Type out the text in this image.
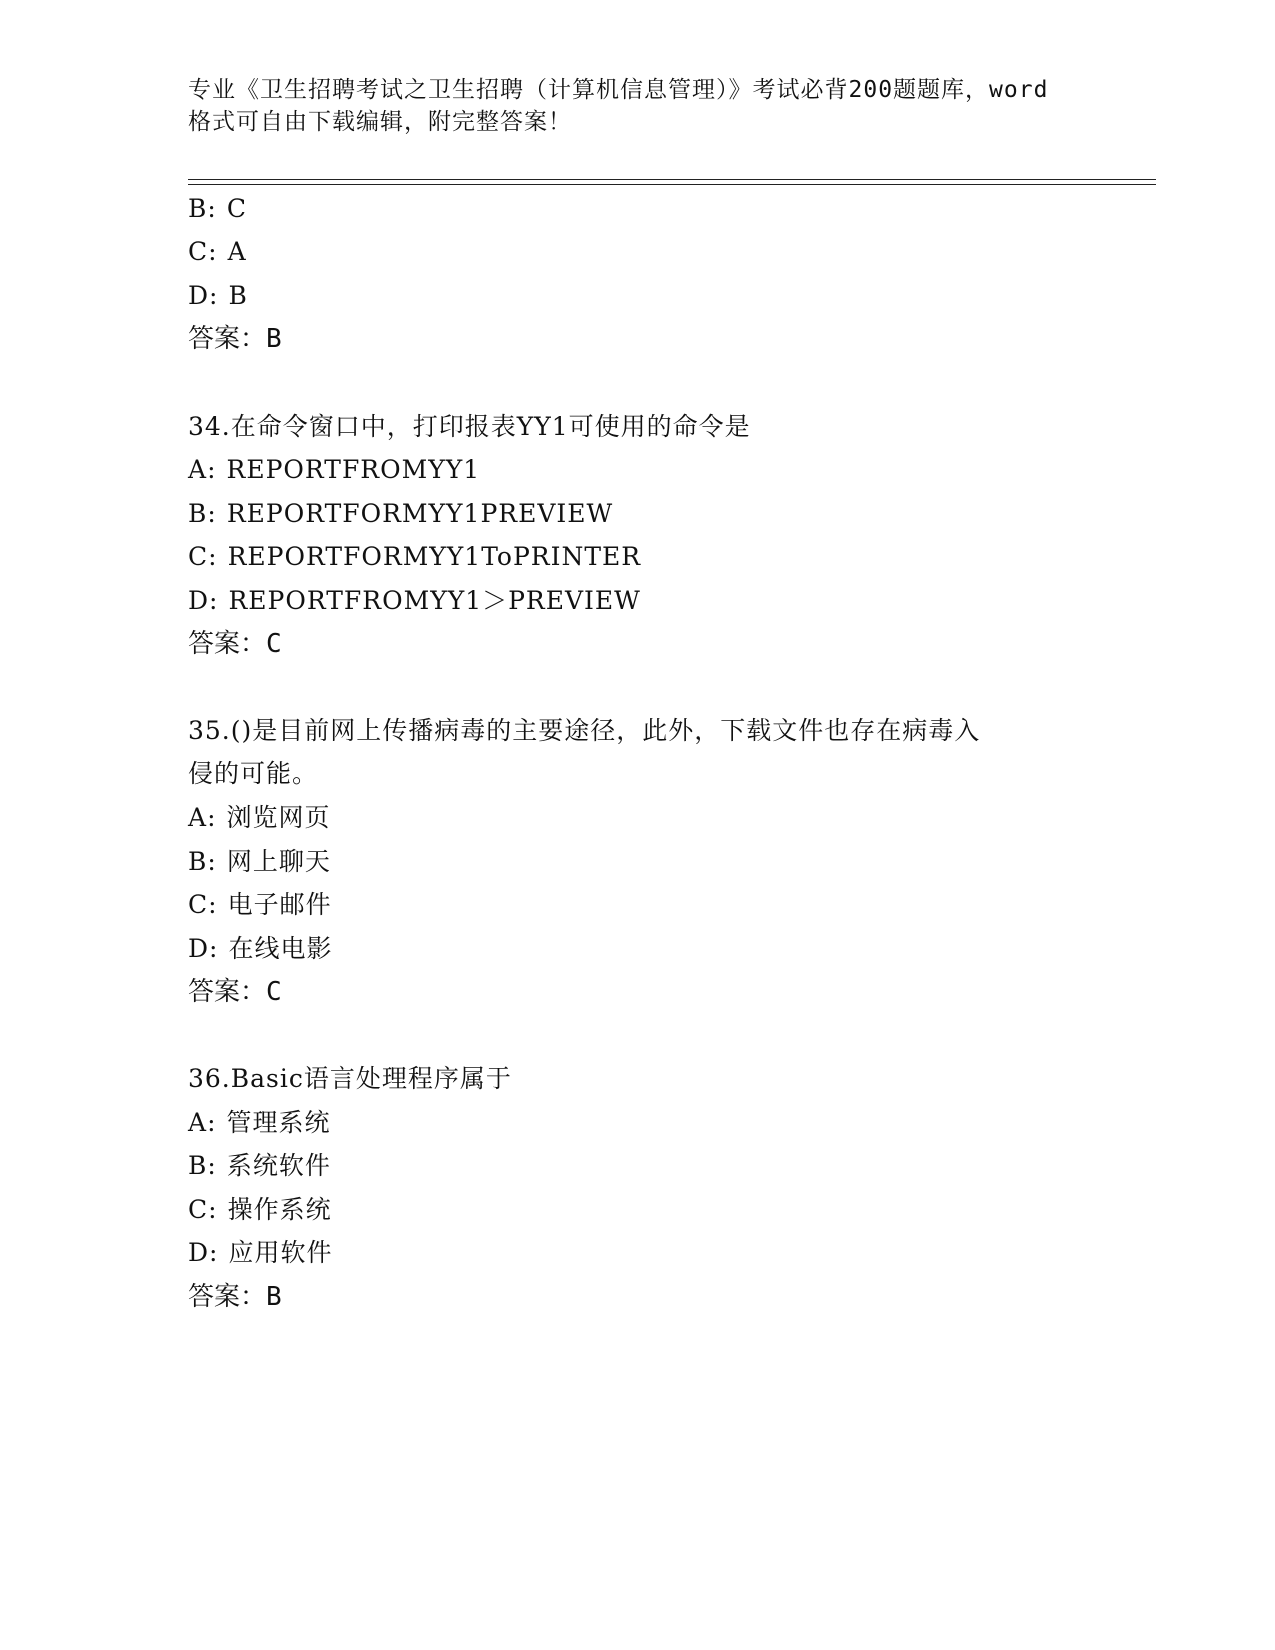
专业《卫生招聘考试之卫生招聘（计算机信息管理）》考试必背200题题库，word
格式可自由下载编辑，附完整答案！
B: C
C: A
D: B
答案：B
34.在命令窗口中，打印报表YY1可使用的命令是
A: REPORTFROMYY1
B: REPORTFORMYY1PREVIEW
C: REPORTFORMYY1ToPRINTER
D: REPORTFROMYY1＞PREVIEW
答案：C
35.()是目前网上传播病毒的主要途径，此外，下载文件也存在病毒入
侵的可能。
A: 浏览网页
B: 网上聊天
C: 电子邮件
D: 在线电影
答案：C
36.Basic语言处理程序属于
A: 管理系统
B: 系统软件
C: 操作系统
D: 应用软件
答案：B
